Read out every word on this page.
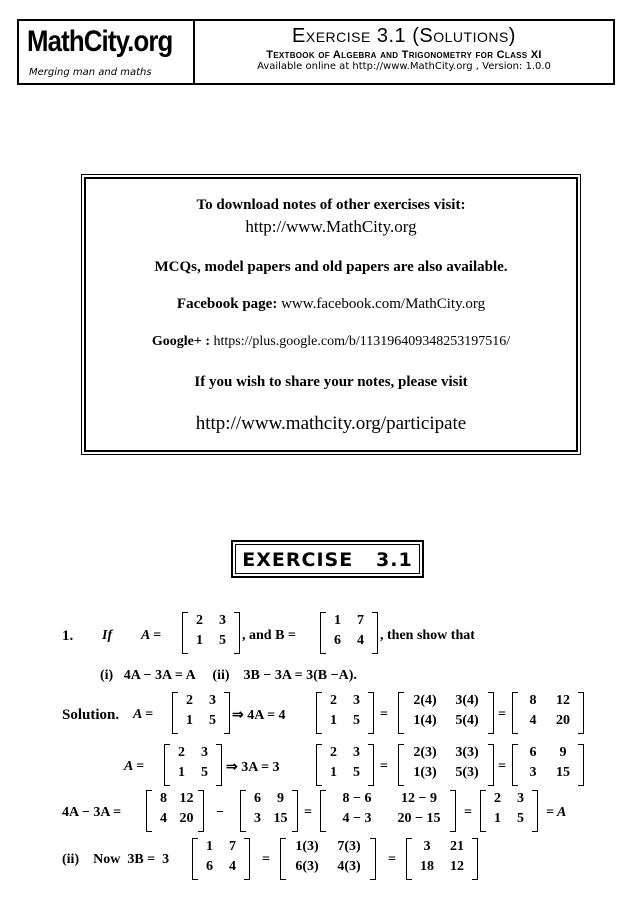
MathCity.org
Merging man and maths
Exercise 3.1 (Solutions)
Textbook of Algebra and Trigonometry for Class XI
Available online at http://www.MathCity.org , Version: 1.0.0

To download notes of other exercises visit:

http://www.MathCity.org

MCQs, model papers and old papers are also available.

Facebook page: www.facebook.com/MathCity.org

Google+ : https://plus.google.com/b/113196409348253197516/

If you wish to share your notes, please visit

http://www.mathcity.org/participate

EXERCISE   3.1
1. If A =
2	3
1	5	, and B =
1	7
6	4	, then show that
(i)   4A − 3A = A     (ii)    3B − 3A = 3(B −A).
Solution. A =
2	3
1	5	⇒ 4A = 4
2	3
1	5	=
2(4)	3(4)
1(4)	5(4)	=
8	12
4	20
A =
2	3
1	5	⇒ 3A = 3
2	3
1	5	=
2(3)	3(3)
1(3)	5(3)	=
6	9
3	15
4A − 3A =
8 12
4 20	−
6	9
3 15	=
8 − 6	12 − 9
4 − 3	20 − 15	=
2	3
1	5	= A
(ii)    Now  3B =  3
1	7
6	4	=
1(3)	7(3)
6(3)	4(3)	=
3	21
18	12
